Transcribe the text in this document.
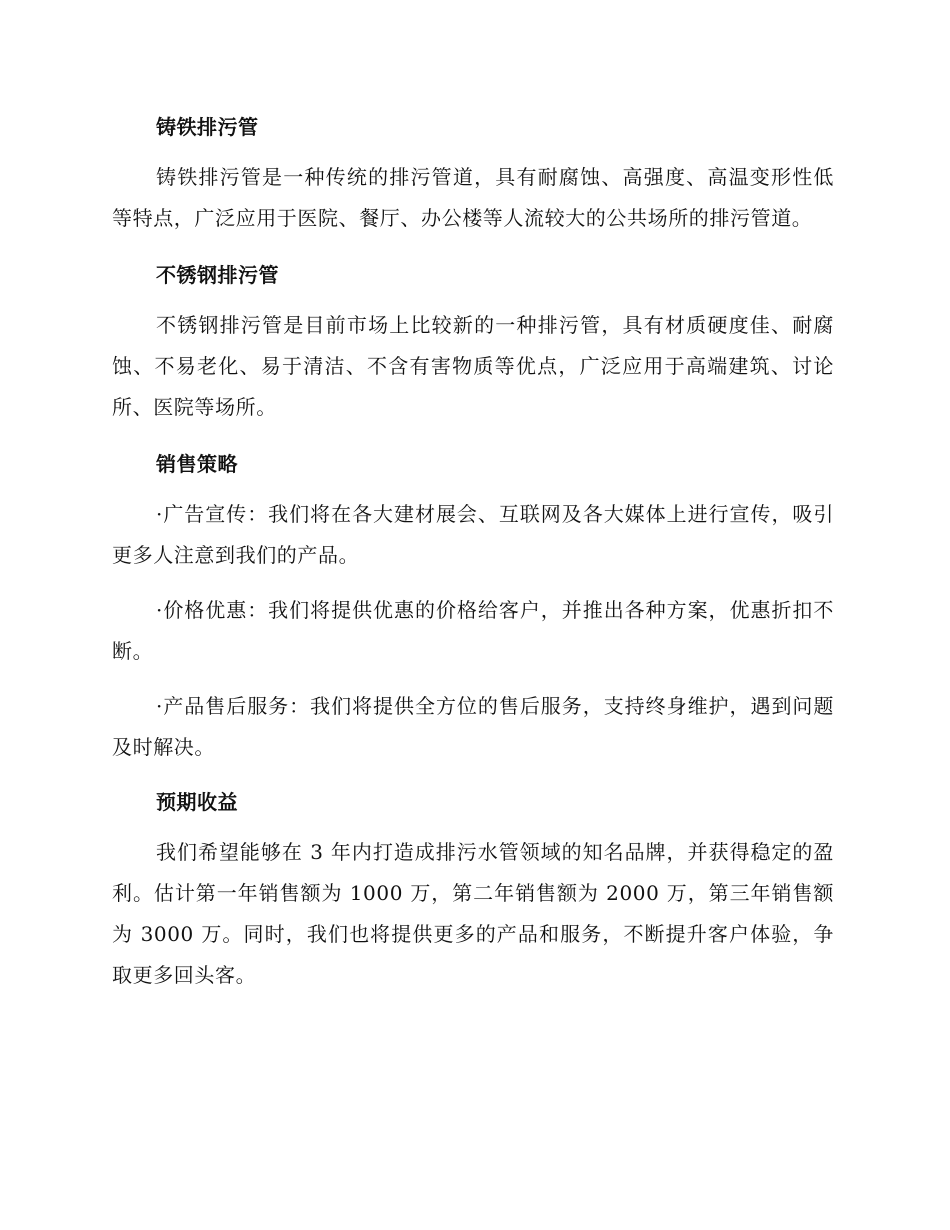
铸铁排污管

铸铁排污管是一种传统的排污管道，具有耐腐蚀、高强度、高温变形性低等特点，广泛应用于医院、餐厅、办公楼等人流较大的公共场所的排污管道。

不锈钢排污管

不锈钢排污管是目前市场上比较新的一种排污管，具有材质硬度佳、耐腐蚀、不易老化、易于清洁、不含有害物质等优点，广泛应用于高端建筑、讨论所、医院等场所。

销售策略

·广告宣传：我们将在各大建材展会、互联网及各大媒体上进行宣传，吸引更多人注意到我们的产品。

·价格优惠：我们将提供优惠的价格给客户，并推出各种方案，优惠折扣不断。

·产品售后服务：我们将提供全方位的售后服务，支持终身维护，遇到问题及时解决。

预期收益

我们希望能够在 3 年内打造成排污水管领域的知名品牌，并获得稳定的盈利。估计第一年销售额为 1000 万，第二年销售额为 2000 万，第三年销售额为 3000 万。同时，我们也将提供更多的产品和服务，不断提升客户体验，争取更多回头客。
